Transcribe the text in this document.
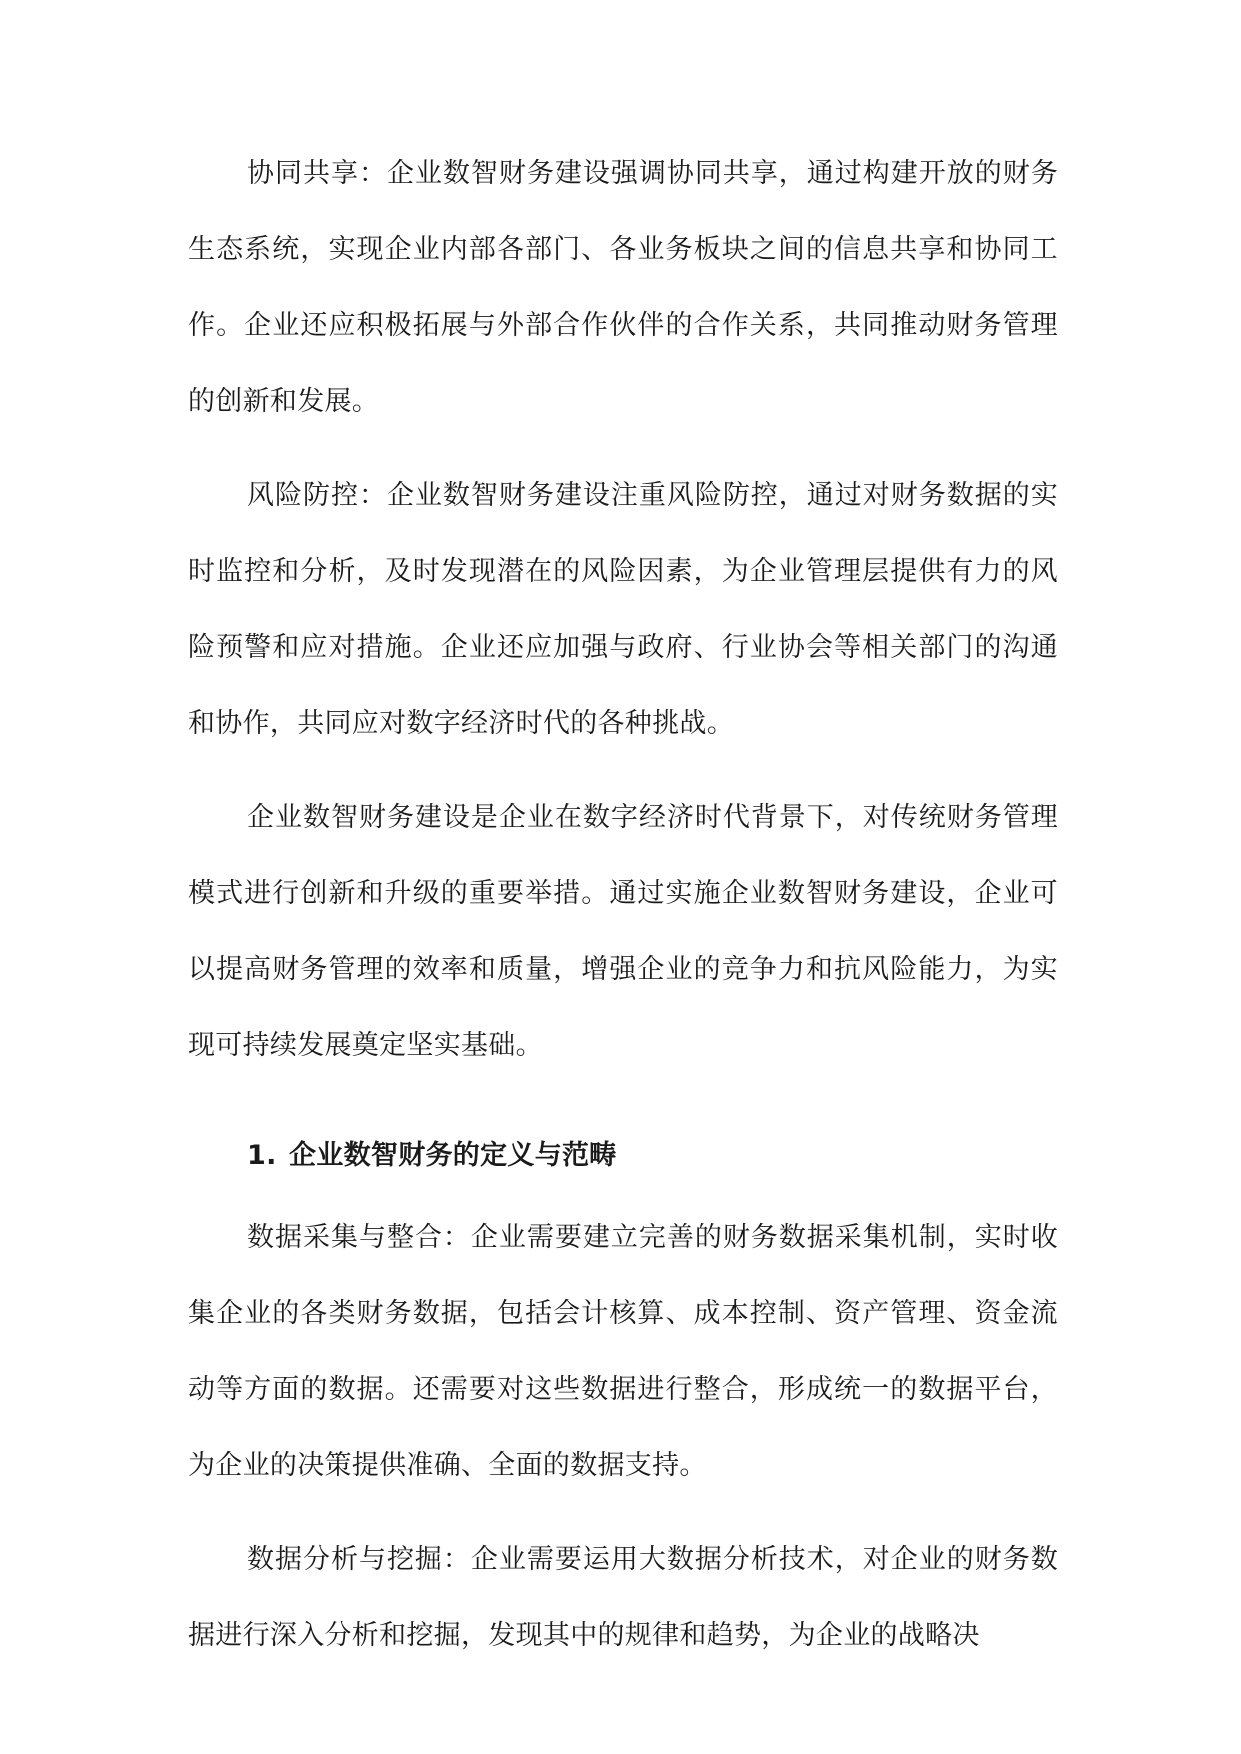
协同共享：企业数智财务建设强调协同共享，通过构建开放的财务生态系统，实现企业内部各部门、各业务板块之间的信息共享和协同工作。企业还应积极拓展与外部合作伙伴的合作关系，共同推动财务管理的创新和发展。

风险防控：企业数智财务建设注重风险防控，通过对财务数据的实时监控和分析，及时发现潜在的风险因素，为企业管理层提供有力的风险预警和应对措施。企业还应加强与政府、行业协会等相关部门的沟通和协作，共同应对数字经济时代的各种挑战。

企业数智财务建设是企业在数字经济时代背景下，对传统财务管理模式进行创新和升级的重要举措。通过实施企业数智财务建设，企业可以提高财务管理的效率和质量，增强企业的竞争力和抗风险能力，为实现可持续发展奠定坚实基础。

1. 企业数智财务的定义与范畴

数据采集与整合：企业需要建立完善的财务数据采集机制，实时收集企业的各类财务数据，包括会计核算、成本控制、资产管理、资金流动等方面的数据。还需要对这些数据进行整合，形成统一的数据平台，为企业的决策提供准确、全面的数据支持。

数据分析与挖掘：企业需要运用大数据分析技术，对企业的财务数据进行深入分析和挖掘，发现其中的规律和趋势，为企业的战略决
